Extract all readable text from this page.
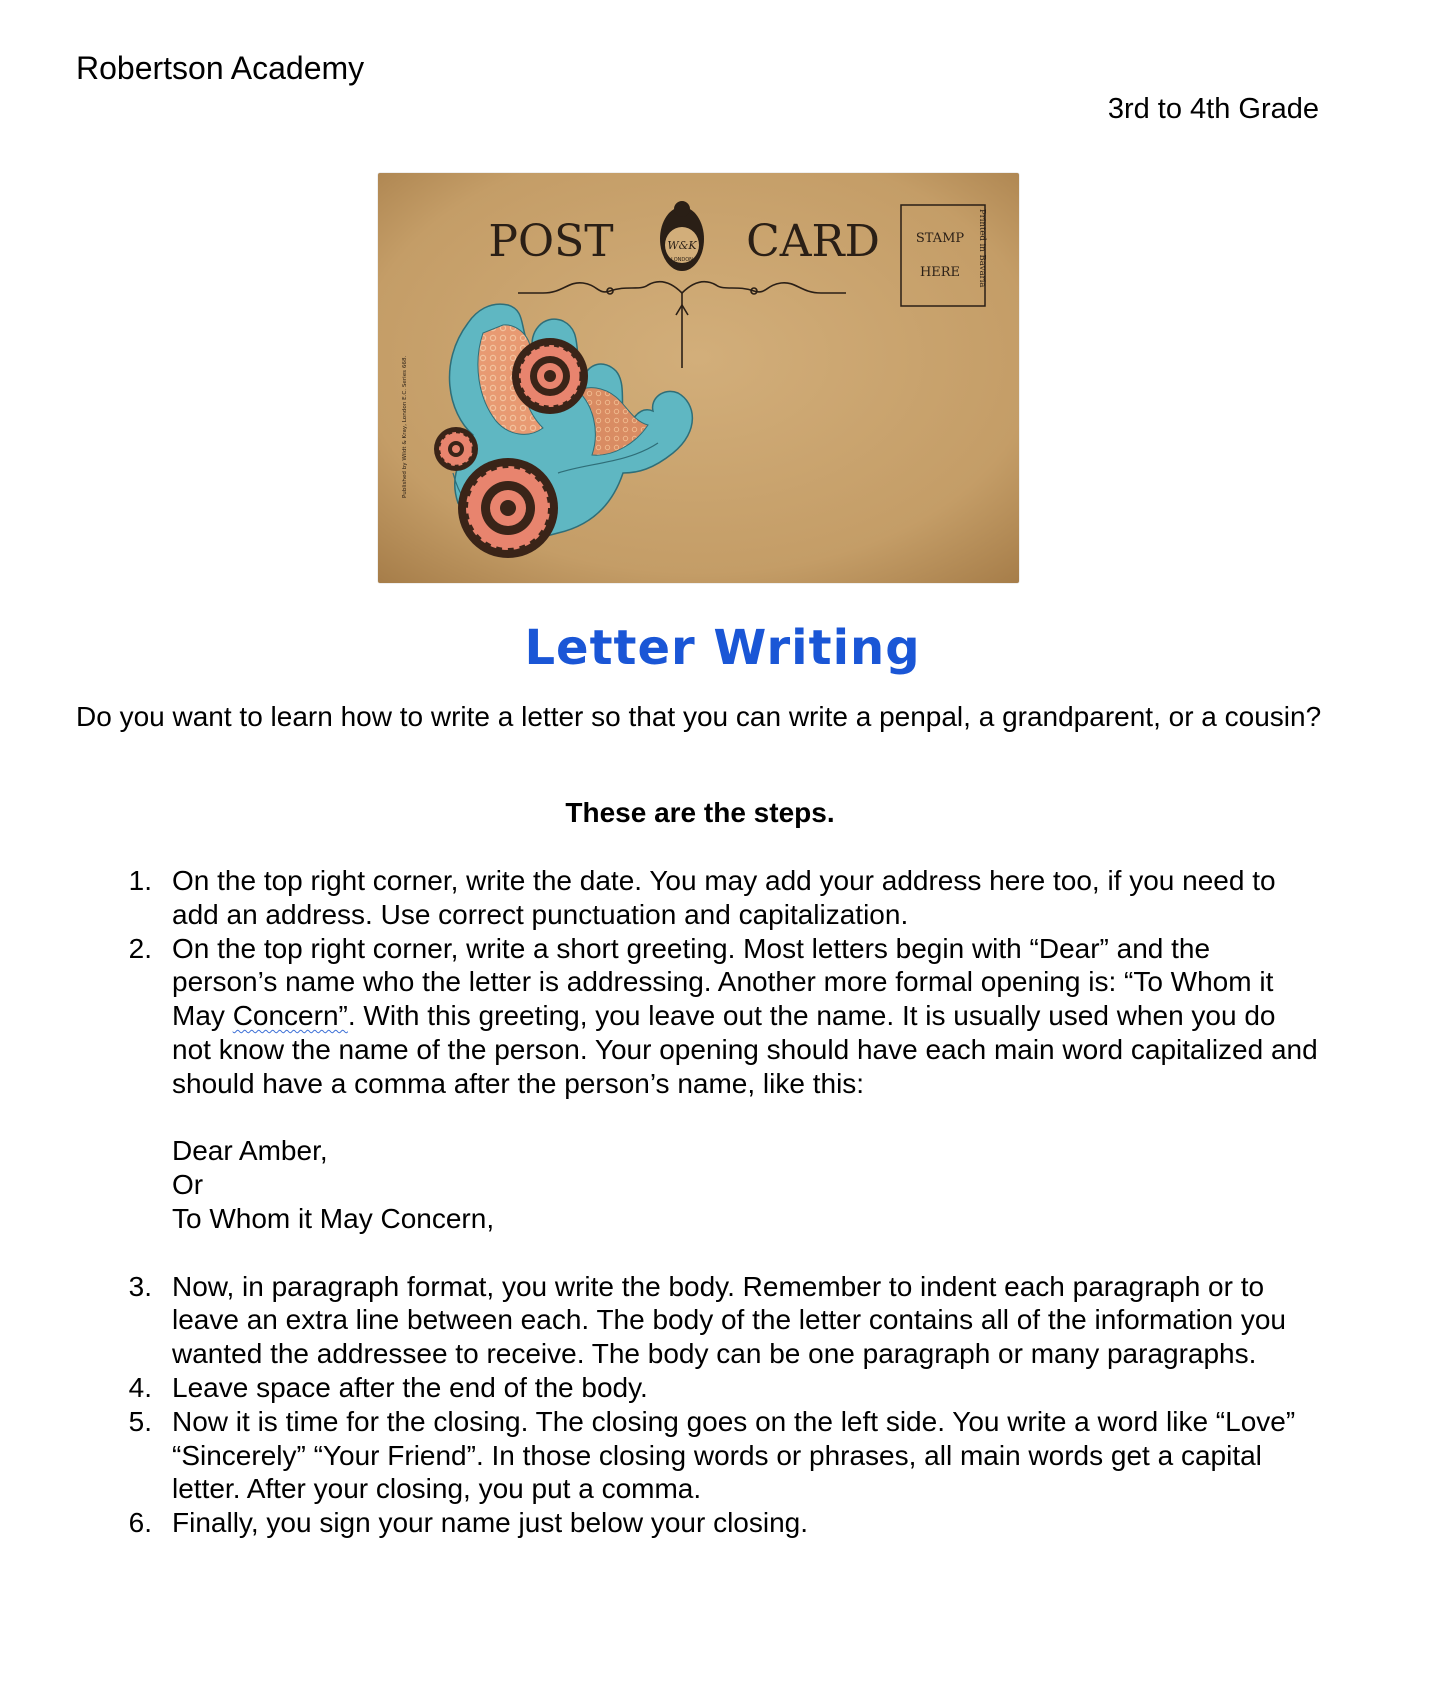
Robertson Academy

3rd to 4th Grade

POST	CARD
W&K
LONDON
STAMP
HERE Printed in Bavaria
Published by Wildt & Kray, London E.C. Series 668.
Letter Writing

Do you want to learn how to write a letter so that you can write a penpal, a grandparent, or a cousin?

These are the steps.

1. On the top right corner, write the date. You may add your address here too, if you need to add an address. Use correct punctuation and capitalization.
2. On the top right corner, write a short greeting. Most letters begin with “Dear” and the person’s name who the letter is addressing. Another more formal opening is: “To Whom it May Concern”. With this greeting, you leave out the name. It is usually used when you do not know the name of the person. Your opening should have each main word capitalized and should have a comma after the person’s name, like this:
Dear Amber,
Or
To Whom it May Concern,
3. Now, in paragraph format, you write the body. Remember to indent each paragraph or to leave an extra line between each. The body of the letter contains all of the information you wanted the addressee to receive. The body can be one paragraph or many paragraphs.
4. Leave space after the end of the body.
5. Now it is time for the closing. The closing goes on the left side. You write a word like “Love” “Sincerely” “Your Friend”. In those closing words or phrases, all main words get a capital letter. After your closing, you put a comma.
6. Finally, you sign your name just below your closing.
